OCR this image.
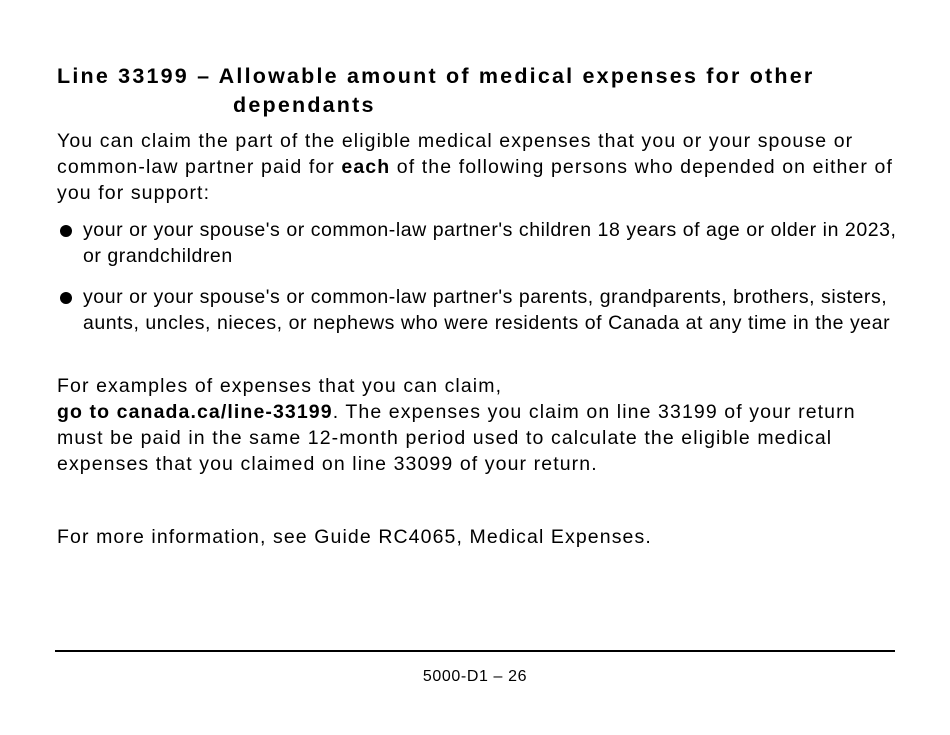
Line 33199 – Allowable amount of medical expenses for other
dependants

You can claim the part of the eligible medical expenses that you or your spouse or common-law partner paid for each of the following persons who depended on either of you for support:

your or your spouse's or common-law partner's children 18 years of age or older in 2023, or grandchildren
your or your spouse's or common-law partner's parents, grandparents, brothers, sisters, aunts, uncles, nieces, or nephews who were residents of Canada at any time in the year

For examples of expenses that you can claim,
go to canada.ca/line-33199. The expenses you claim on line 33199 of your return must be paid in the same 12-month period used to calculate the eligible medical expenses that you claimed on line 33099 of your return.

For more information, see Guide RC4065, Medical Expenses.

5000-D1 – 26
